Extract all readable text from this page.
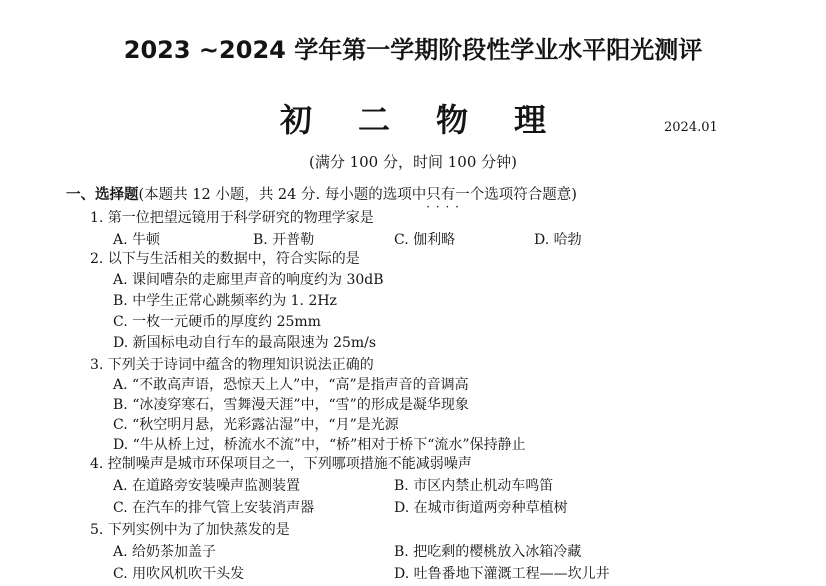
2023 ~2024 学年第一学期阶段性学业水平阳光测评
初二物理	2024.01
(满分 100 分，时间 100 分钟)
一、选择题(本题共 12 小题，共 24 分. 每小题的选项中只有一个 · · · ·选项符合题意)
1. 第一位把望远镜用于科学研究的物理学家是
A. 牛顿	B. 开普勒	C. 伽利略	D. 哈勃
2. 以下与生活相关的数据中，符合实际的是
A. 课间嘈杂的走廊里声音的响度约为 30dB
B. 中学生正常心跳频率约为 1. 2Hz
C. 一枚一元硬币的厚度约 25mm
D. 新国标电动自行车的最高限速为 25m/s
3. 下列关于诗词中蕴含的物理知识说法正确的
A. “不敢高声语，恐惊天上人”中，“高”是指声音的音调高
B. “冰凌穿寒石，雪舞漫天涯”中，“雪”的形成是凝华现象
C. “秋空明月悬，光彩露沾湿”中，“月”是光源
D. “牛从桥上过，桥流水不流”中，“桥”相对于桥下“流水”保持静止
4. 控制噪声是城市环保项目之一，下列哪项措施不能减弱噪声
A. 在道路旁安装噪声监测装置	B. 市区内禁止机动车鸣笛
C. 在汽车的排气管上安装消声器	D. 在城市街道两旁种草植树
5. 下列实例中为了加快蒸发的是
A. 给奶茶加盖子	B. 把吃剩的樱桃放入冰箱冷藏
C. 用吹风机吹干头发	D. 吐鲁番地下灌溉工程——坎儿井
